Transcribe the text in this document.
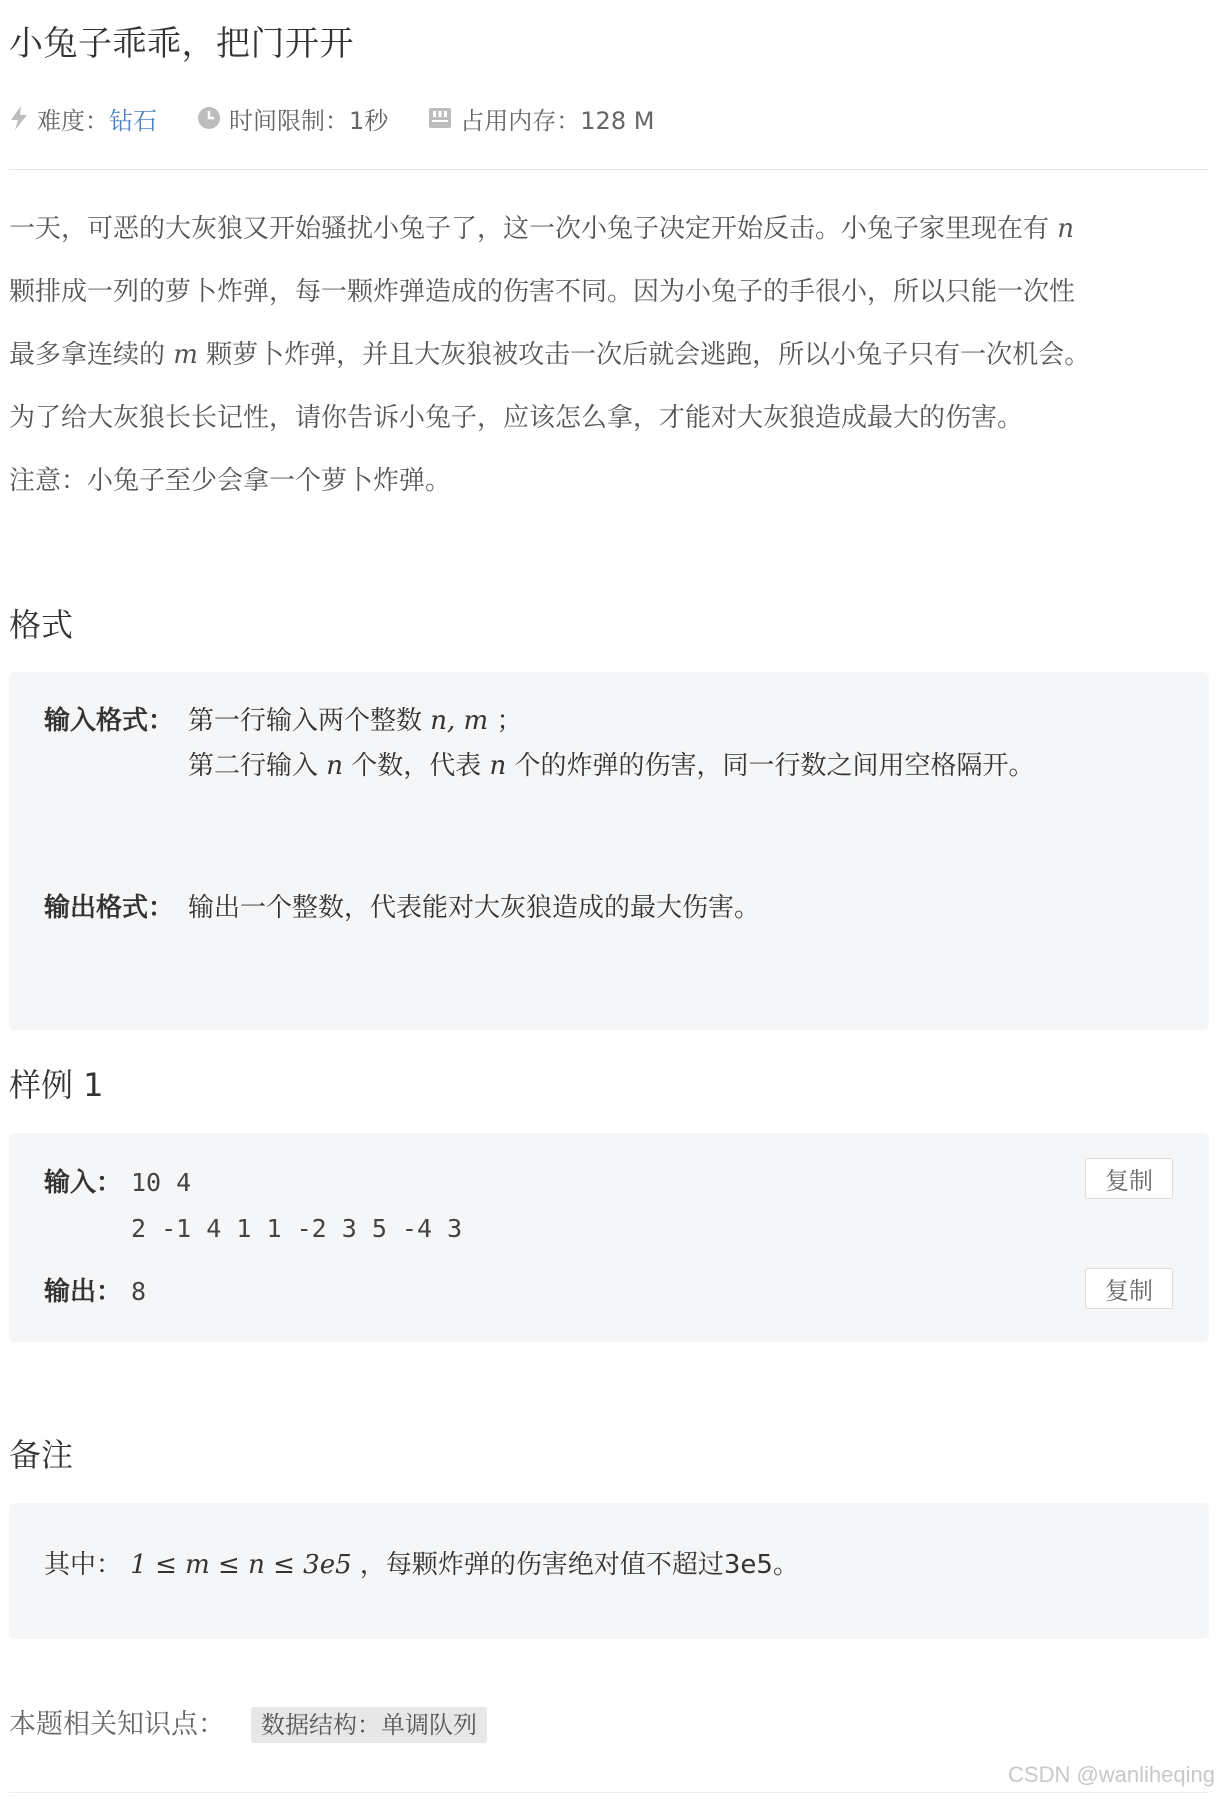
小兔子乖乖，把门开开
难度： 钻石	时间限制：1秒	占用内存：128 M

一天，可恶的大灰狼又开始骚扰小兔子了，这一次小兔子决定开始反击。小兔子家里现在有 n

颗排成一列的萝卜炸弹，每一颗炸弹造成的伤害不同。因为小兔子的手很小，所以只能一次性

最多拿连续的 m 颗萝卜炸弹，并且大灰狼被攻击一次后就会逃跑，所以小兔子只有一次机会。

为了给大灰狼长长记性，请你告诉小兔子，应该怎么拿，才能对大灰狼造成最大的伤害。

注意：小兔子至少会拿一个萝卜炸弹。

格式
输入格式： 第一行输入两个整数 n, m ；
第二行输入 n 个数，代表 n 个的炸弹的伤害，同一行数之间用空格隔开。
输出格式： 输出一个整数，代表能对大灰狼造成的最大伤害。
样例 1
输入： 10 4
2 -1 4 1 1 -2 3 5 -4 3
复制
输出： 8	复制
备注
其中： 1 ≤ m ≤ n ≤ 3e5 ，每颗炸弹的伤害绝对值不超过3e5。
本题相关知识点：	数据结构：单调队列
CSDN @wanliheqing
